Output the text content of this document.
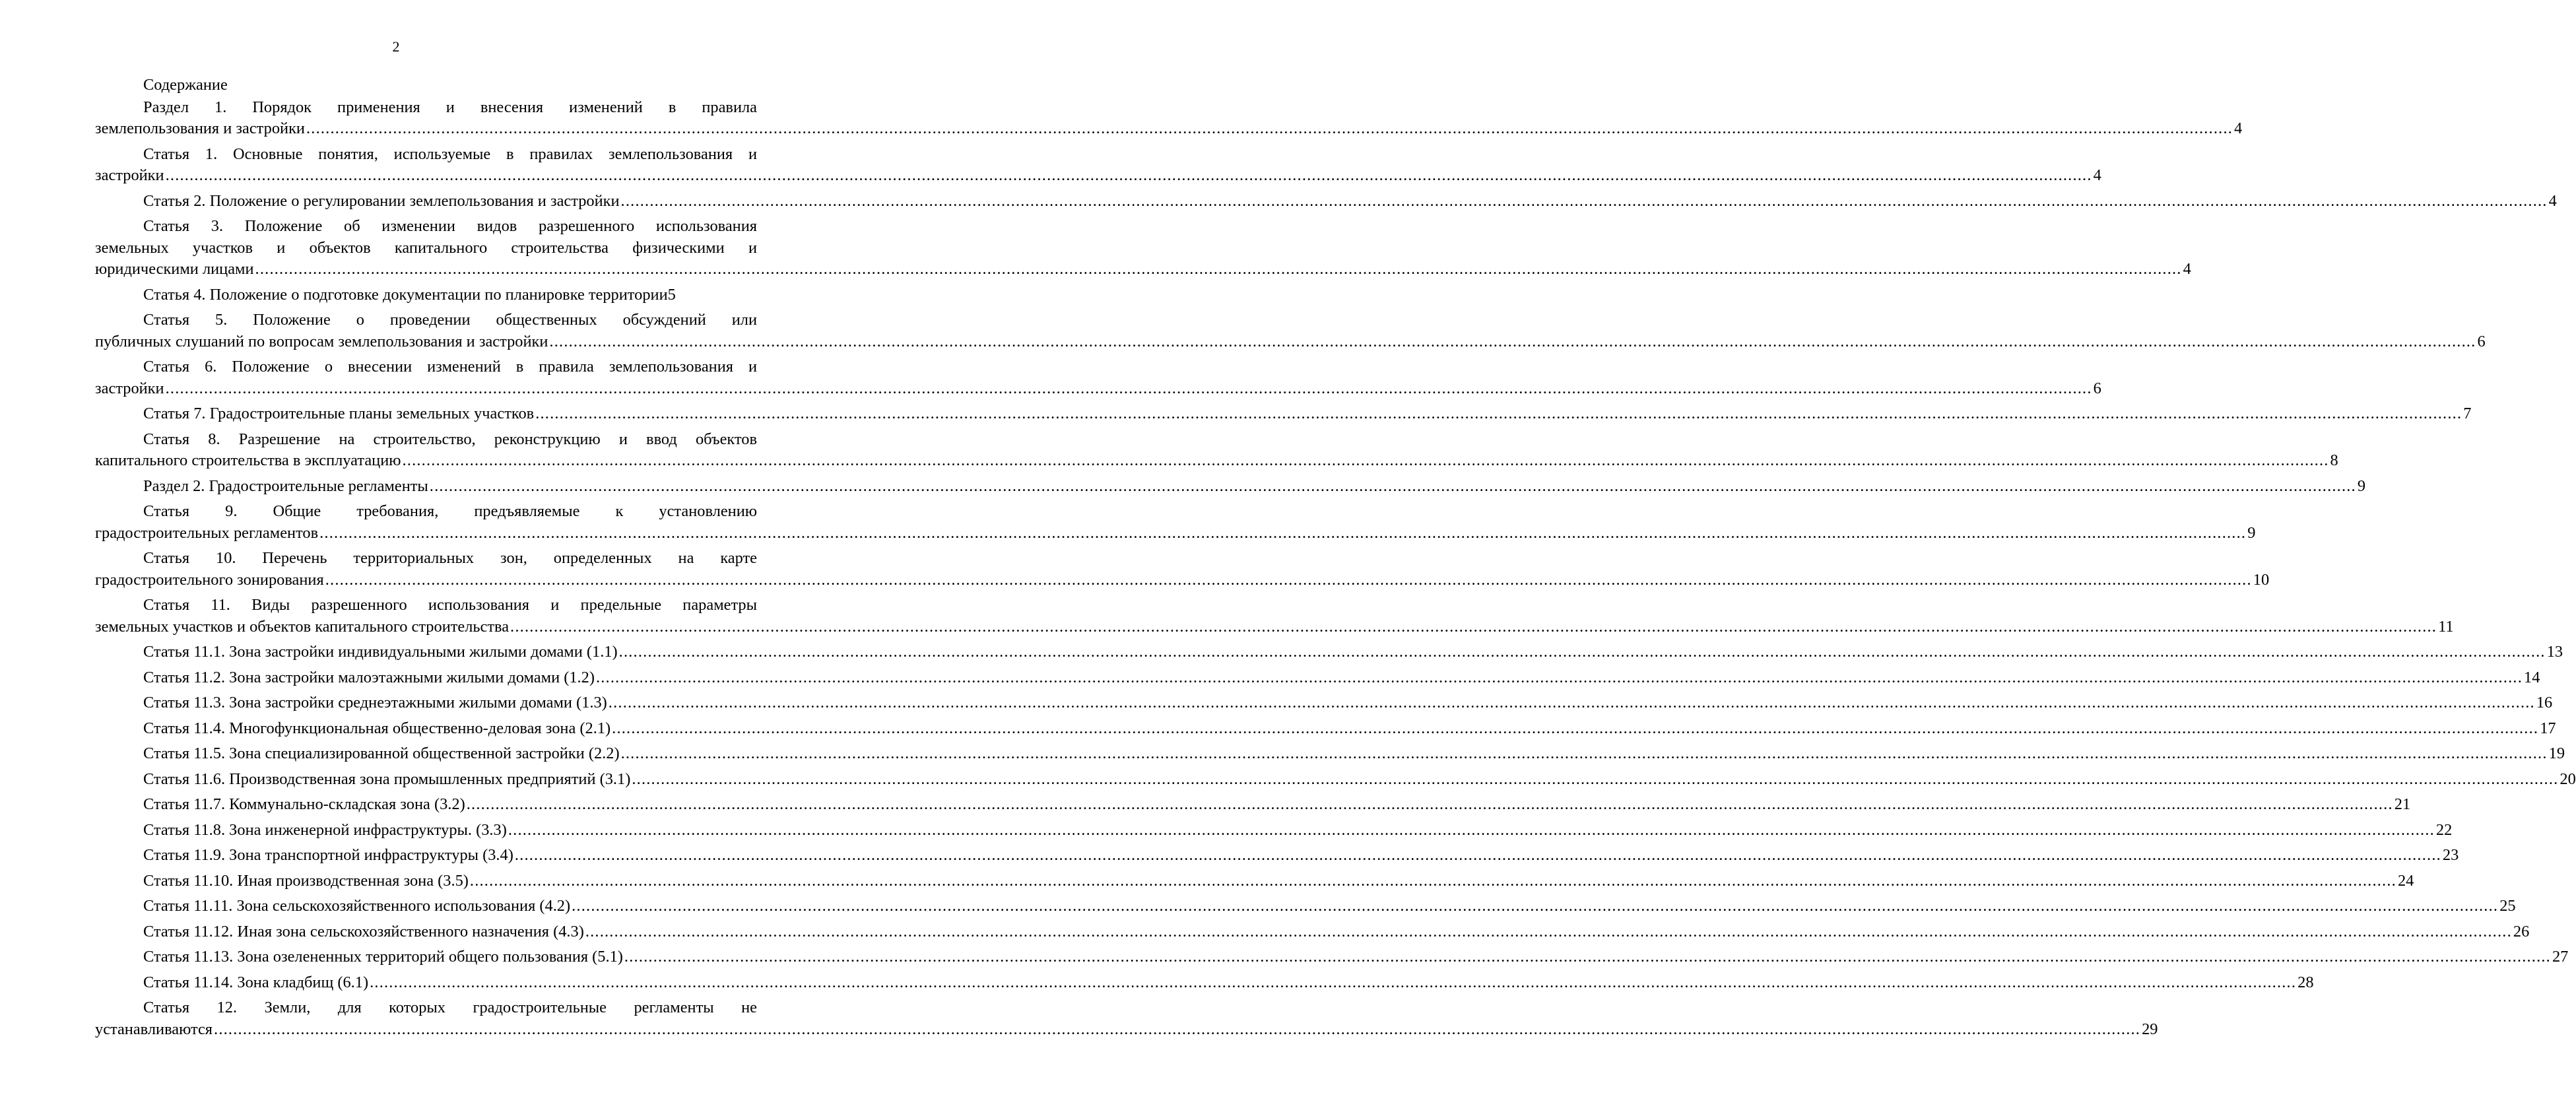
2
Содержание
Раздел 1. Порядок применения и внесения изменений в правила
землепользования и застройки ................................................................................................................................................................................................................................................................................................................................................................................................................ 4
Статья 1. Основные понятия, используемые в правилах землепользования и
застройки ................................................................................................................................................................................................................................................................................................................................................................................................................ 4
Статья 2. Положение о регулировании землепользования и застройки ................................................................................................................................................................................................................................................................................................................................................................................................................ 4
Статья 3. Положение об изменении видов разрешенного использования
земельных участков и объектов капитального строительства физическими и
юридическими лицами ................................................................................................................................................................................................................................................................................................................................................................................................................ 4
Статья 4. Положение о подготовке документации по планировке территории5
Статья 5. Положение о проведении общественных обсуждений или
публичных слушаний по вопросам землепользования и застройки ................................................................................................................................................................................................................................................................................................................................................................................................................ 6
Статья 6. Положение о внесении изменений в правила землепользования и
застройки ................................................................................................................................................................................................................................................................................................................................................................................................................ 6
Статья 7. Градостроительные планы земельных участков ................................................................................................................................................................................................................................................................................................................................................................................................................ 7
Статья 8. Разрешение на строительство, реконструкцию и ввод объектов
капитального строительства в эксплуатацию ................................................................................................................................................................................................................................................................................................................................................................................................................ 8
Раздел 2. Градостроительные регламенты ................................................................................................................................................................................................................................................................................................................................................................................................................ 9
Статья 9. Общие требования, предъявляемые к установлению
градостроительных регламентов ................................................................................................................................................................................................................................................................................................................................................................................................................ 9
Статья 10. Перечень территориальных зон, определенных на карте
градостроительного зонирования ................................................................................................................................................................................................................................................................................................................................................................................................................ 10
Статья 11. Виды разрешенного использования и предельные параметры
земельных участков и объектов капитального строительства ................................................................................................................................................................................................................................................................................................................................................................................................................ 11
Статья 11.1. Зона застройки индивидуальными жилыми домами (1.1) ................................................................................................................................................................................................................................................................................................................................................................................................................ 13
Статья 11.2. Зона застройки малоэтажными жилыми домами (1.2) ................................................................................................................................................................................................................................................................................................................................................................................................................ 14
Статья 11.3. Зона застройки среднеэтажными жилыми домами (1.3) ................................................................................................................................................................................................................................................................................................................................................................................................................ 16
Статья 11.4. Многофункциональная общественно-деловая зона (2.1) ................................................................................................................................................................................................................................................................................................................................................................................................................ 17
Статья 11.5. Зона специализированной общественной застройки (2.2) ................................................................................................................................................................................................................................................................................................................................................................................................................ 19
Статья 11.6. Производственная зона промышленных предприятий (3.1) ................................................................................................................................................................................................................................................................................................................................................................................................................ 20
Статья 11.7. Коммунально-складская зона (3.2) ................................................................................................................................................................................................................................................................................................................................................................................................................ 21
Статья 11.8. Зона инженерной инфраструктуры. (3.3) ................................................................................................................................................................................................................................................................................................................................................................................................................ 22
Статья 11.9. Зона транспортной инфраструктуры (3.4) ................................................................................................................................................................................................................................................................................................................................................................................................................ 23
Статья 11.10. Иная производственная зона (3.5) ................................................................................................................................................................................................................................................................................................................................................................................................................ 24
Статья 11.11. Зона сельскохозяйственного использования (4.2) ................................................................................................................................................................................................................................................................................................................................................................................................................ 25
Статья 11.12. Иная зона сельскохозяйственного назначения (4.3) ................................................................................................................................................................................................................................................................................................................................................................................................................ 26
Статья 11.13. Зона озелененных территорий общего пользования (5.1) ................................................................................................................................................................................................................................................................................................................................................................................................................ 27
Статья 11.14. Зона кладбищ (6.1) ................................................................................................................................................................................................................................................................................................................................................................................................................ 28
Статья 12. Земли, для которых градостроительные регламенты не
устанавливаются ................................................................................................................................................................................................................................................................................................................................................................................................................ 29
